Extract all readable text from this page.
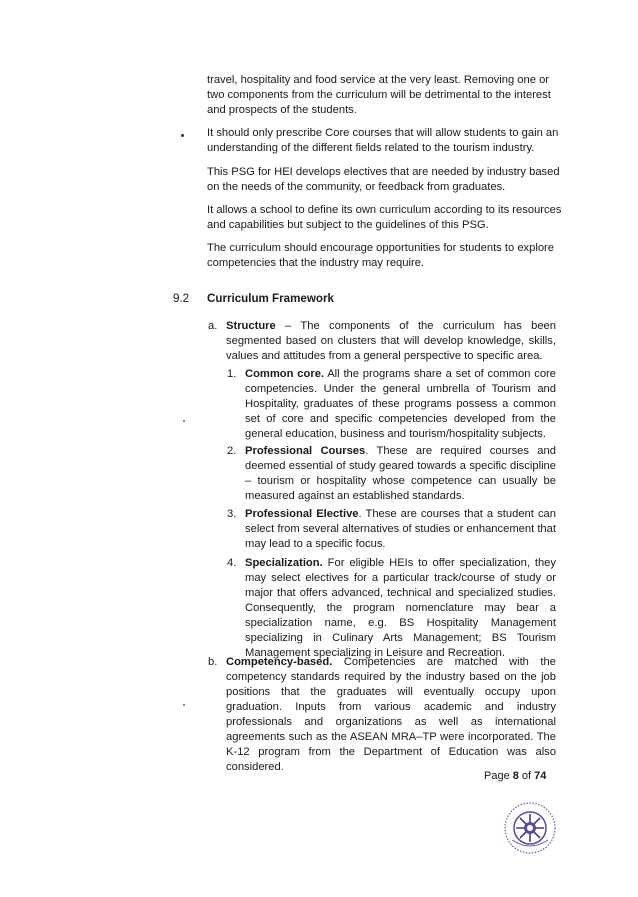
travel, hospitality and food service at the very least. Removing one or two components from the curriculum will be detrimental to the interest and prospects of the students.

It should only prescribe Core courses that will allow students to gain an understanding of the different fields related to the tourism industry.

This PSG for HEI develops electives that are needed by industry based on the needs of the community, or feedback from graduates.

It allows a school to define its own curriculum according to its resources and capabilities but subject to the guidelines of this PSG.

The curriculum should encourage opportunities for students to explore competencies that the industry may require.

9.2 Curriculum Framework
a. Structure – The components of the curriculum has been segmented based on clusters that will develop knowledge, skills, values and attitudes from a general perspective to specific area.

1. Common core. All the programs share a set of common core competencies. Under the general umbrella of Tourism and Hospitality, graduates of these programs possess a common set of core and specific competencies developed from the general education, business and tourism/hospitality subjects.

2. Professional Courses. These are required courses and deemed essential of study geared towards a specific discipline – tourism or hospitality whose competence can usually be measured against an established standards.

3. Professional Elective. These are courses that a student can select from several alternatives of studies or enhancement that may lead to a specific focus.

4. Specialization. For eligible HEIs to offer specialization, they may select electives for a particular track/course of study or major that offers advanced, technical and specialized studies. Consequently, the program nomenclature may bear a specialization name, e.g. BS Hospitality Management specializing in Culinary Arts Management; BS Tourism Management specializing in Leisure and Recreation.

b. Competency-based. Competencies are matched with the competency standards required by the industry based on the job positions that the graduates will eventually occupy upon graduation. Inputs from various academic and industry professionals and organizations as well as international agreements such as the ASEAN MRA–TP were incorporated. The K-12 program from the Department of Education was also considered.

Page 8 of 74
